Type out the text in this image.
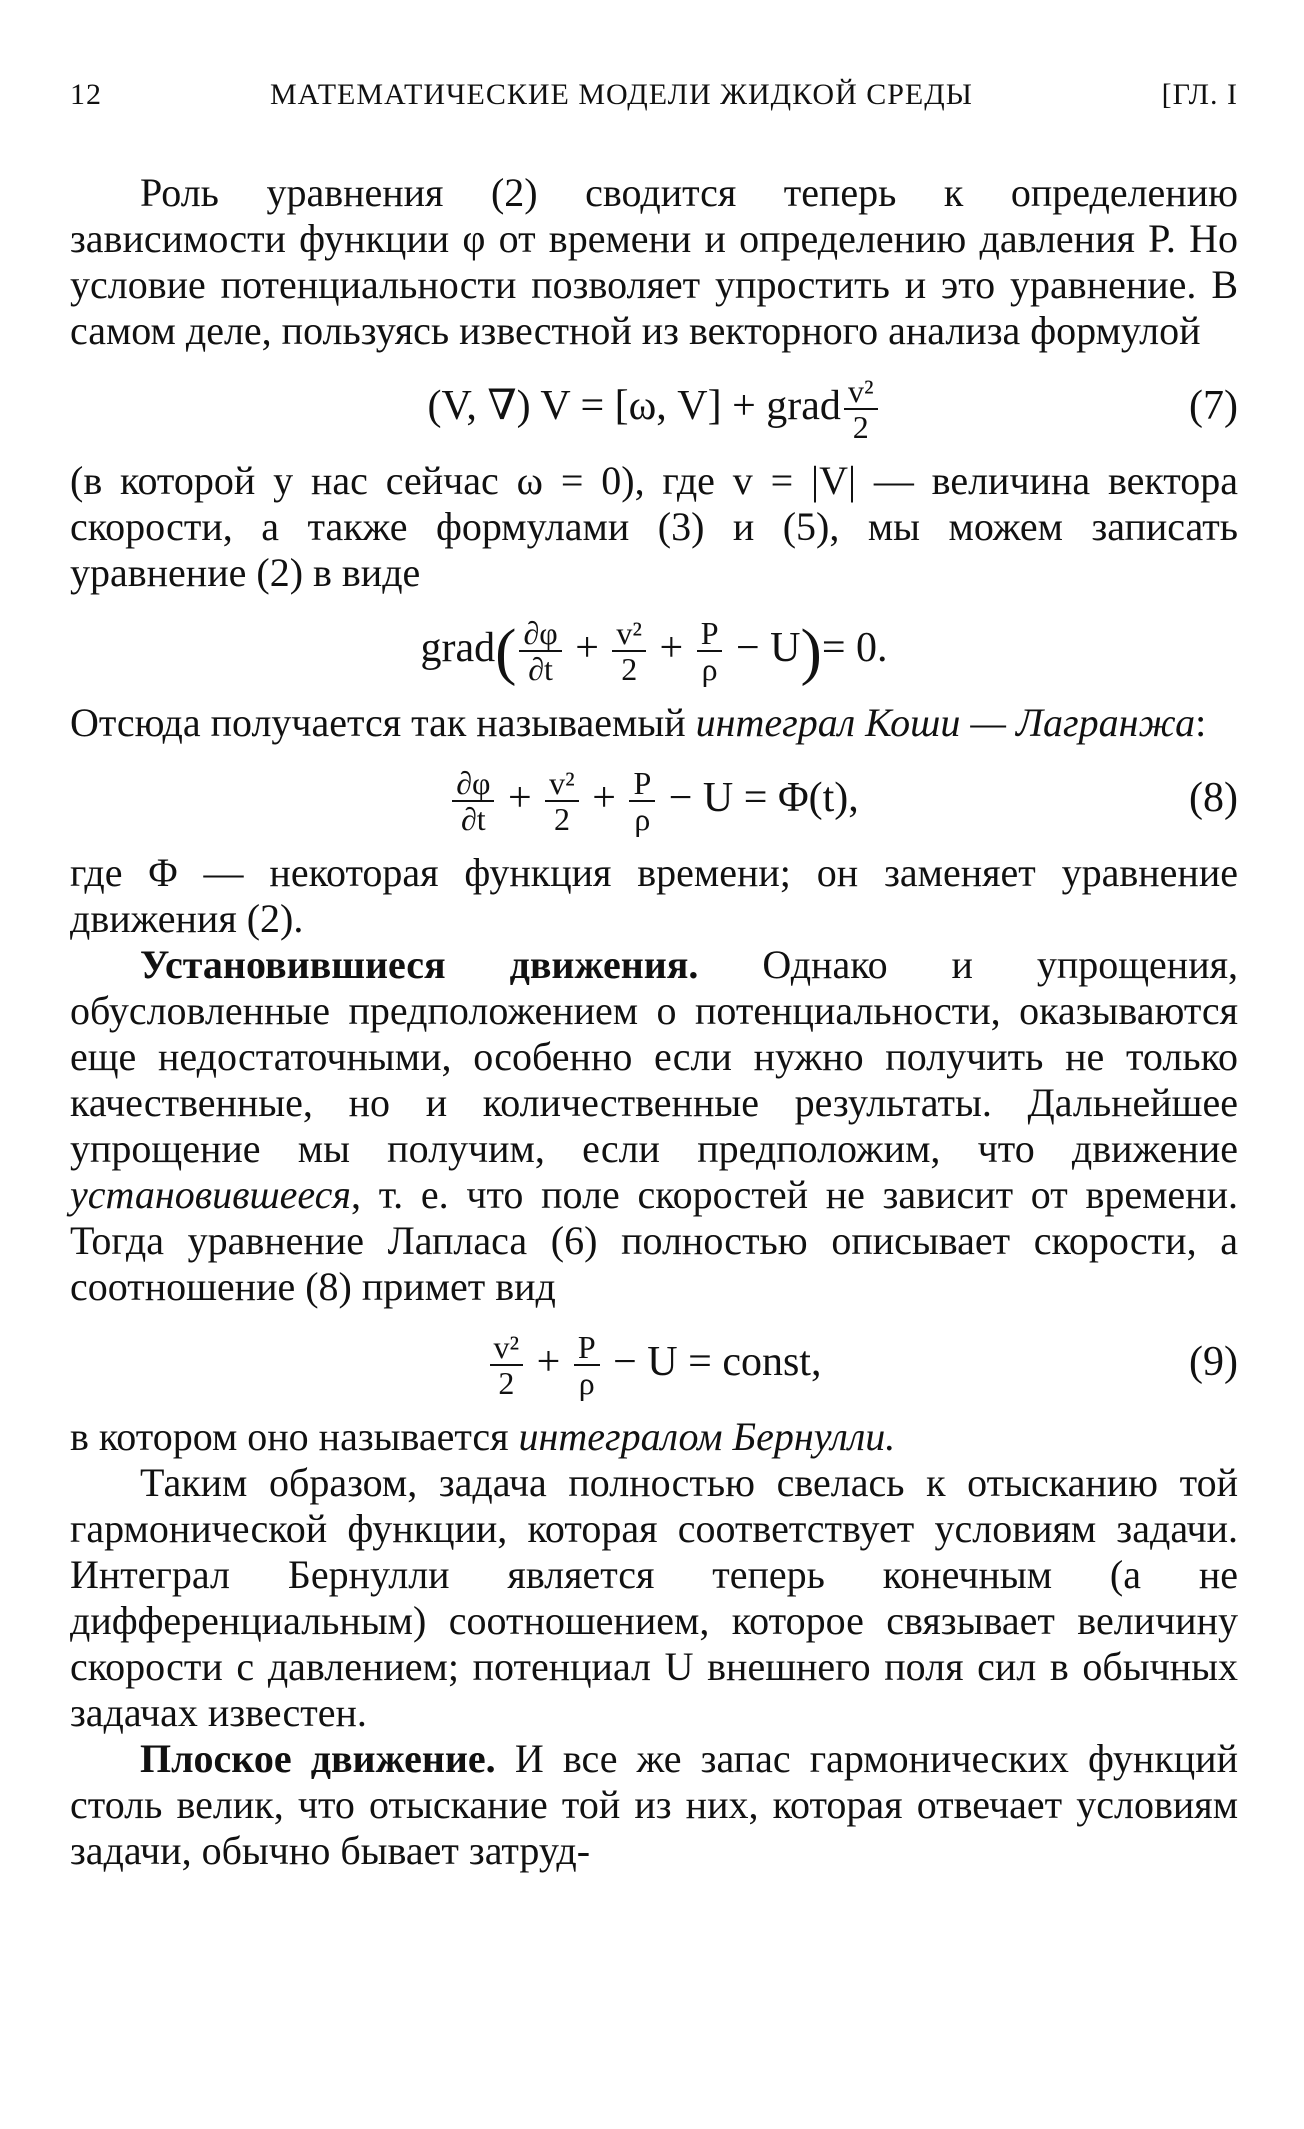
12	МАТЕМАТИЧЕСКИЕ МОДЕЛИ ЖИДКОЙ СРЕДЫ	[ГЛ. I

Роль уравнения (2) сводится теперь к определению зависимости функции φ от времени и определению давления P. Но условие потенциальности позволяет упростить и это уравнение. В самом деле, пользуясь известной из векторного анализа формулой

(V, ∇) V = [ω, V] + grad $\frac{\text{v²}}{2}$	(7)

(в которой у нас сейчас ω = 0), где v = |V| — величина вектора скорости, а также формулами (3) и (5), мы можем записать уравнение (2) в виде

grad( $\frac{\partial\varphi}{\partial t} + \frac{\text{v²}}{2} + \frac{P}{\rho} - U)= 0$.

Отсюда получается так называемый интеграл Коши — Лагранжа:

$\frac{\partial\varphi}{\partial t} + \frac{\text{v²}}{2} + \frac{P}{\rho} - U = \Phi(t)$,	(8)

где Φ — некоторая функция времени; он заменяет уравнение движения (2).

Установившиеся движения. Однако и упрощения, обусловленные предположением о потенциальности, оказываются еще недостаточными, особенно если нужно получить не только качественные, но и количественные результаты. Дальнейшее упрощение мы получим, если предположим, что движение установившееся, т. е. что поле скоростей не зависит от времени. Тогда уравнение Лапласа (6) полностью описывает скорости, а соотношение (8) примет вид

$\frac{\text{v²}}{2} + \frac{P}{\rho} - U$ = const,	(9)

в котором оно называется интегралом Бернулли.

Таким образом, задача полностью свелась к отысканию той гармонической функции, которая соответствует условиям задачи. Интеграл Бернулли является теперь конечным (а не дифференциальным) соотношением, которое связывает величину скорости с давлением; потенциал U внешнего поля сил в обычных задачах известен.

Плоское движение. И все же запас гармонических функций столь велик, что отыскание той из них, которая отвечает условиям задачи, обычно бывает затруд-
